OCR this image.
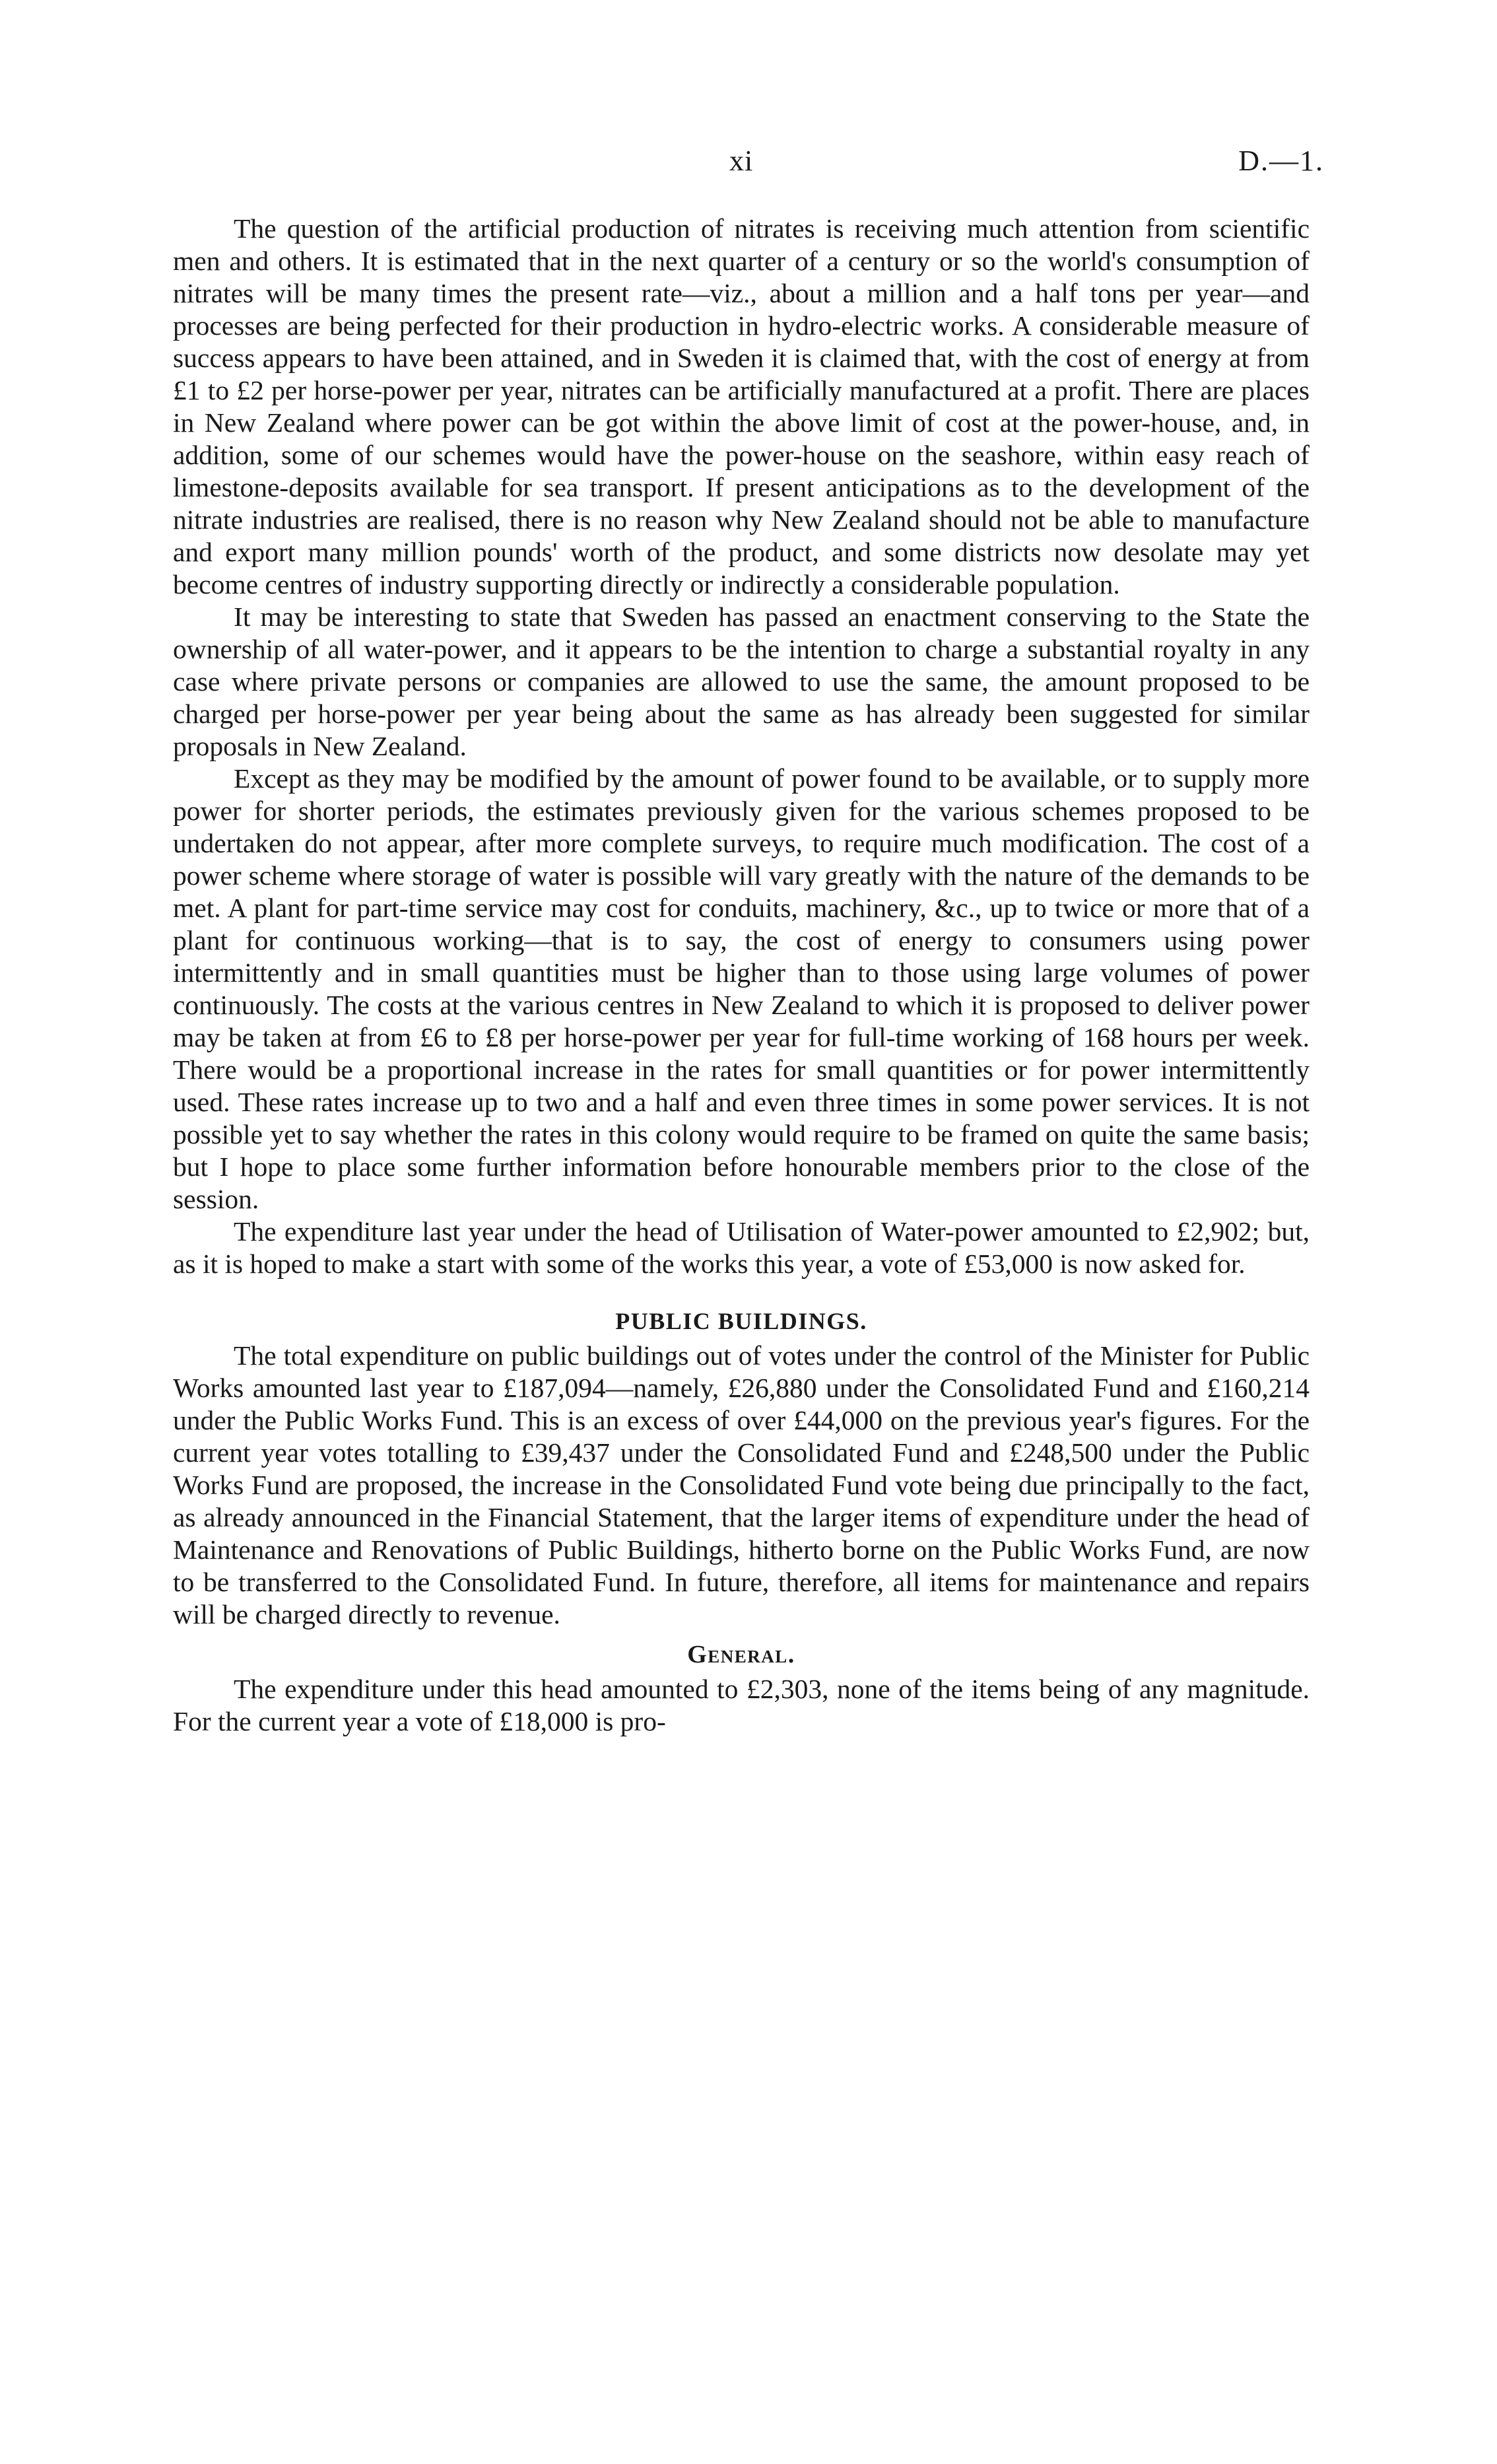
xi	D.—1.

The question of the artificial production of nitrates is receiving much attention from scientific men and others. It is estimated that in the next quarter of a century or so the world's consumption of nitrates will be many times the present rate—viz., about a million and a half tons per year—and processes are being perfected for their production in hydro-electric works. A considerable measure of success appears to have been attained, and in Sweden it is claimed that, with the cost of energy at from £1 to £2 per horse-power per year, nitrates can be artificially manufactured at a profit. There are places in New Zealand where power can be got within the above limit of cost at the power-house, and, in addition, some of our schemes would have the power-house on the seashore, within easy reach of limestone-deposits available for sea transport. If present anticipations as to the development of the nitrate industries are realised, there is no reason why New Zealand should not be able to manufacture and export many million pounds' worth of the product, and some districts now desolate may yet become centres of industry supporting directly or indirectly a considerable population.

It may be interesting to state that Sweden has passed an enactment conserving to the State the ownership of all water-power, and it appears to be the intention to charge a substantial royalty in any case where private persons or companies are allowed to use the same, the amount proposed to be charged per horse-power per year being about the same as has already been suggested for similar proposals in New Zealand.

Except as they may be modified by the amount of power found to be available, or to supply more power for shorter periods, the estimates previously given for the various schemes proposed to be undertaken do not appear, after more complete surveys, to require much modification. The cost of a power scheme where storage of water is possible will vary greatly with the nature of the demands to be met. A plant for part-time service may cost for conduits, machinery, &c., up to twice or more that of a plant for continuous working—that is to say, the cost of energy to consumers using power intermittently and in small quantities must be higher than to those using large volumes of power continuously. The costs at the various centres in New Zealand to which it is proposed to deliver power may be taken at from £6 to £8 per horse-power per year for full-time working of 168 hours per week. There would be a proportional increase in the rates for small quantities or for power intermittently used. These rates increase up to two and a half and even three times in some power services. It is not possible yet to say whether the rates in this colony would require to be framed on quite the same basis; but I hope to place some further information before honourable members prior to the close of the session.

The expenditure last year under the head of Utilisation of Water-power amounted to £2,902; but, as it is hoped to make a start with some of the works this year, a vote of £53,000 is now asked for.

PUBLIC BUILDINGS.

The total expenditure on public buildings out of votes under the control of the Minister for Public Works amounted last year to £187,094—namely, £26,880 under the Consolidated Fund and £160,214 under the Public Works Fund. This is an excess of over £44,000 on the previous year's figures. For the current year votes totalling to £39,437 under the Consolidated Fund and £248,500 under the Public Works Fund are proposed, the increase in the Consolidated Fund vote being due principally to the fact, as already announced in the Financial Statement, that the larger items of expenditure under the head of Maintenance and Renovations of Public Buildings, hitherto borne on the Public Works Fund, are now to be transferred to the Consolidated Fund. In future, therefore, all items for maintenance and repairs will be charged directly to revenue.

General.

The expenditure under this head amounted to £2,303, none of the items being of any magnitude. For the current year a vote of £18,000 is pro-
